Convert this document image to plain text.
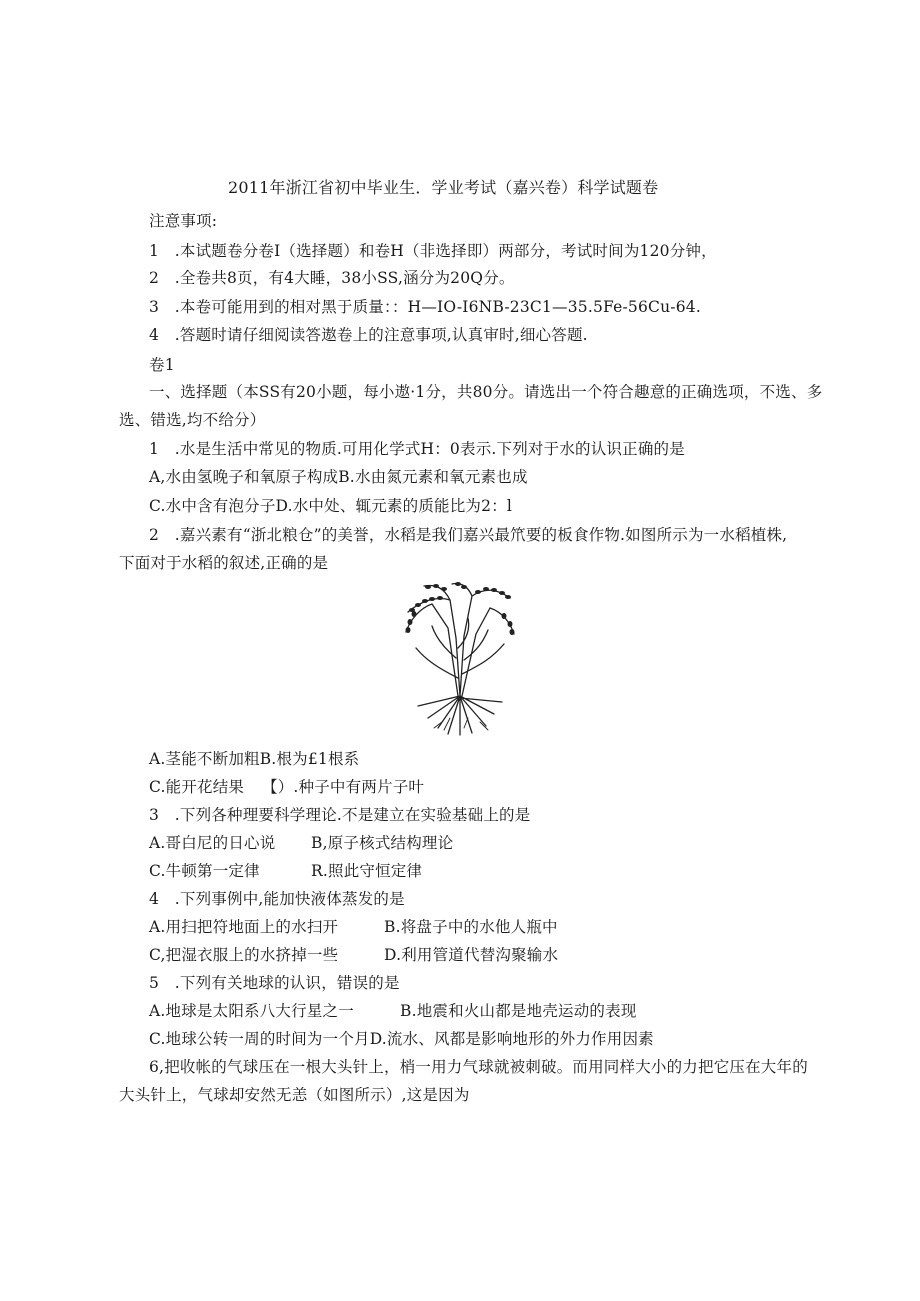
2011年浙江省初中毕业生．学业考试（嘉兴卷）科学试题卷
注意事项:
1　.本试题卷分卷I（选择题）和卷H（非选择即）两部分，考试时间为120分钟，
2　.全卷共8页，有4大睡，38小SS,涵分为20Q分。
3　.本卷可能用到的相对黑于质量：：H—IO-I6NB-23C1—35.5Fe-56Cu-64.
4　.答题时请仔细阅读答遨卷上的注意事项,认真审时,细心答题.
卷1
一、选择题（本SS有20小题，每小遨·1分，共80分。请选出一个符合趣意的正确选项，不选、多
选、错选,均不给分）
1　.水是生活中常见的物质.可用化学式H：0表示.下列对于水的认识正确的是
A,水由氢晚子和氧原子构成B.水由氮元素和氧元素也成
C.水中含有泡分子D.水中处、辄元素的质能比为2：l
2　.嘉兴素有“浙北粮仓”的美誉，水稻是我们嘉兴最笊要的板食作物.如图所示为一水稻植株,
下面对于水稻的叙述,正确的是
A.茎能不断加粗B.根为£1根系
C.能开花结果 【）.种子中有两片子叶
3　.下列各种理要科学理论.不是建立在实验基础上的是
A.哥白尼的日心说 B,原子核式结构理论
C.牛顿第一定律	R.照此守恒定律
4　.下列事例中,能加快液体蒸发的是
A.用扫把符地面上的水扫开	B.将盘子中的水他人瓶中
C,把湿衣服上的水挤掉一些	D.利用管道代替沟聚输水
5　.下列有关地球的认识，错误的是
A.地球是太阳系八大行星之一	B.地震和火山都是地壳运动的表现
C.地球公转一周的时间为一个月D.流水、风都是影响地形的外力作用因素
6,把收帐的气球压在一根大头针上，梢一用力气球就被刺破。而用同样大小的力把它压在大年的
大头针上，气球却安然无恙（如图所示）,这是因为
